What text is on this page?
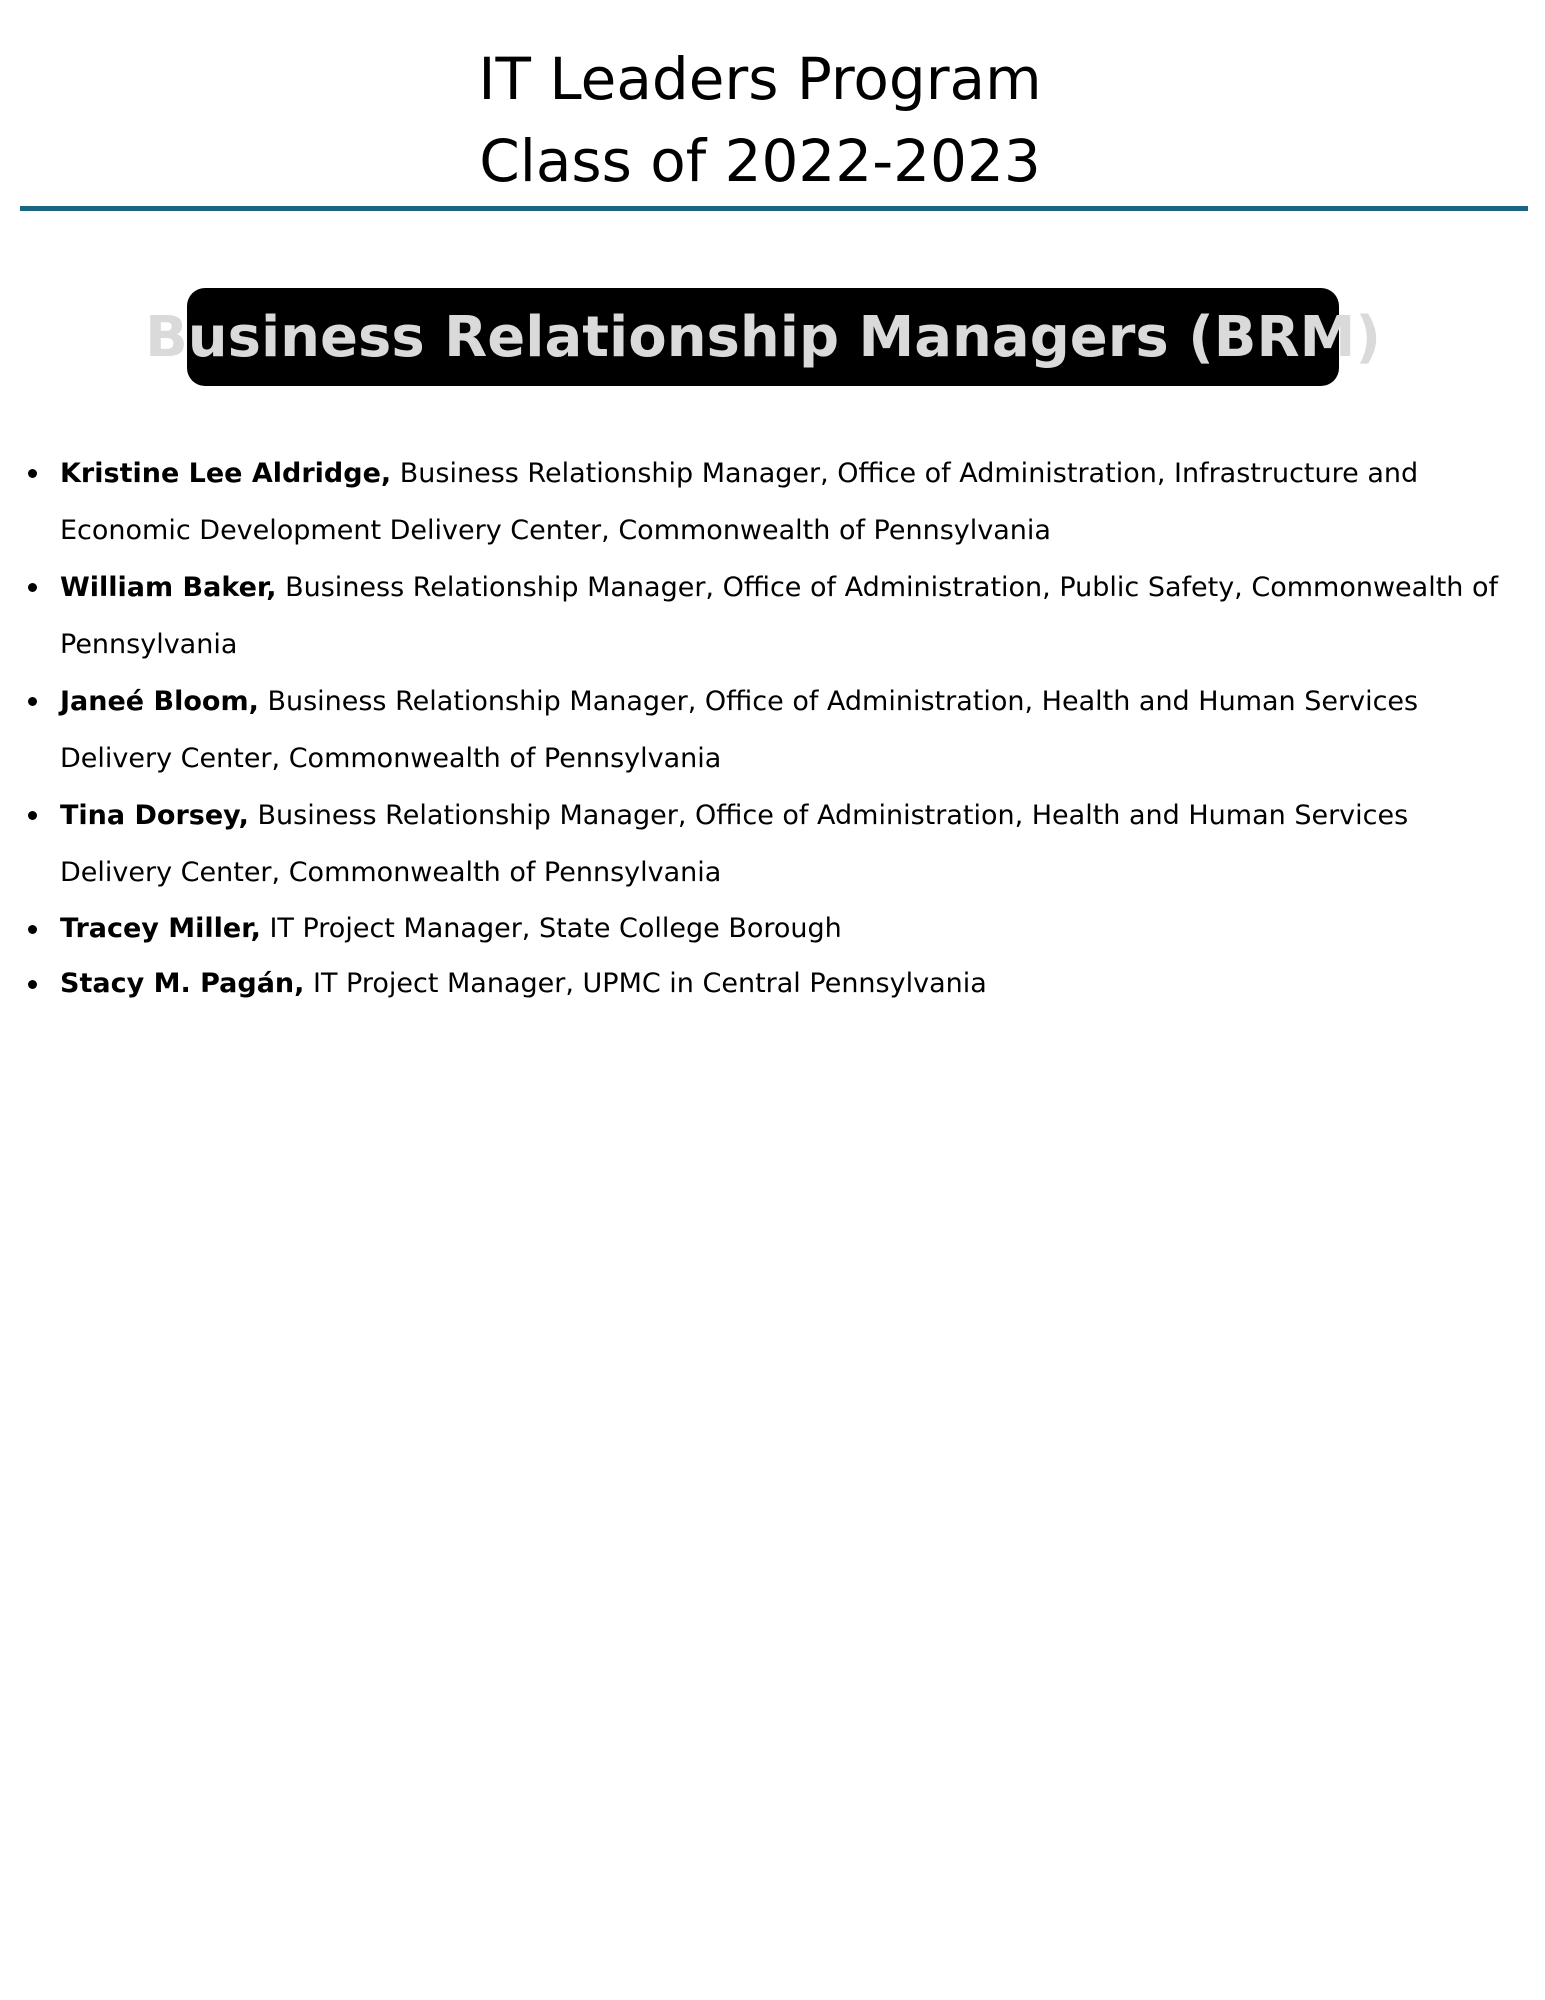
IT Leaders Program
Class of 2022-2023
Business Relationship Managers (BRM)
Kristine Lee Aldridge, Business Relationship Manager, Office of Administration, Infrastructure and Economic Development Delivery Center, Commonwealth of Pennsylvania
William Baker, Business Relationship Manager, Office of Administration, Public Safety, Commonwealth of Pennsylvania
Janeé Bloom, Business Relationship Manager, Office of Administration, Health and Human Services Delivery Center, Commonwealth of Pennsylvania
Tina Dorsey, Business Relationship Manager, Office of Administration, Health and Human Services Delivery Center, Commonwealth of Pennsylvania
Tracey Miller, IT Project Manager, State College Borough
Stacy M. Pagán, IT Project Manager, UPMC in Central Pennsylvania
